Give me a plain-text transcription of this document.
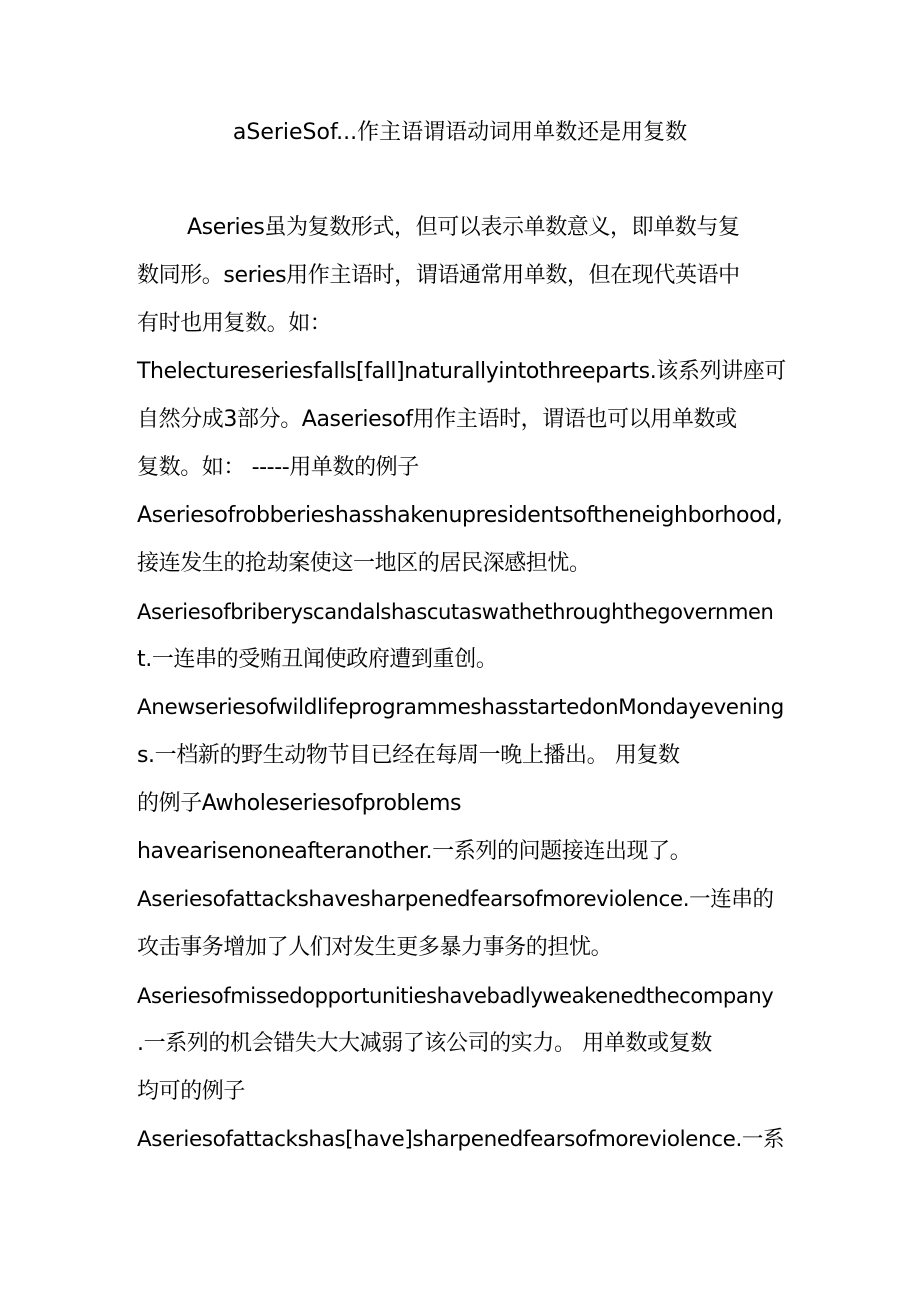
aSerieSof...作主语谓语动词用单数还是用复数
Aseries虽为复数形式，但可以表示单数意义，即单数与复
数同形。series用作主语时，谓语通常用单数，但在现代英语中
有时也用复数。如：
Thelectureseriesfalls[fall]naturallyintothreeparts.该系列讲座可
自然分成3部分。Aaseriesof用作主语时，谓语也可以用单数或
复数。如： -----用单数的例子
Aseriesofrobberieshasshakenupresidentsoftheneighborhood,
接连发生的抢劫案使这一地区的居民深感担忧。
Aseriesofbriberyscandalshascutaswathethroughthegovernmen
t.一连串的受贿丑闻使政府遭到重创。
AnewseriesofwildlifeprogrammeshasstartedonMondayevening
s.一档新的野生动物节目已经在每周一晚上播出。 用复数
的例子Awholeseriesofproblems
havearisenoneafteranother.一系列的问题接连出现了。
Aseriesofattackshavesharpenedfearsofmoreviolence.一连串的
攻击事务增加了人们对发生更多暴力事务的担忧。
Aseriesofmissedopportunitieshavebadlyweakenedthecompany
.一系列的机会错失大大减弱了该公司的实力。 用单数或复数
均可的例子
Aseriesofattackshas[have]sharpenedfearsofmoreviolence.一系
